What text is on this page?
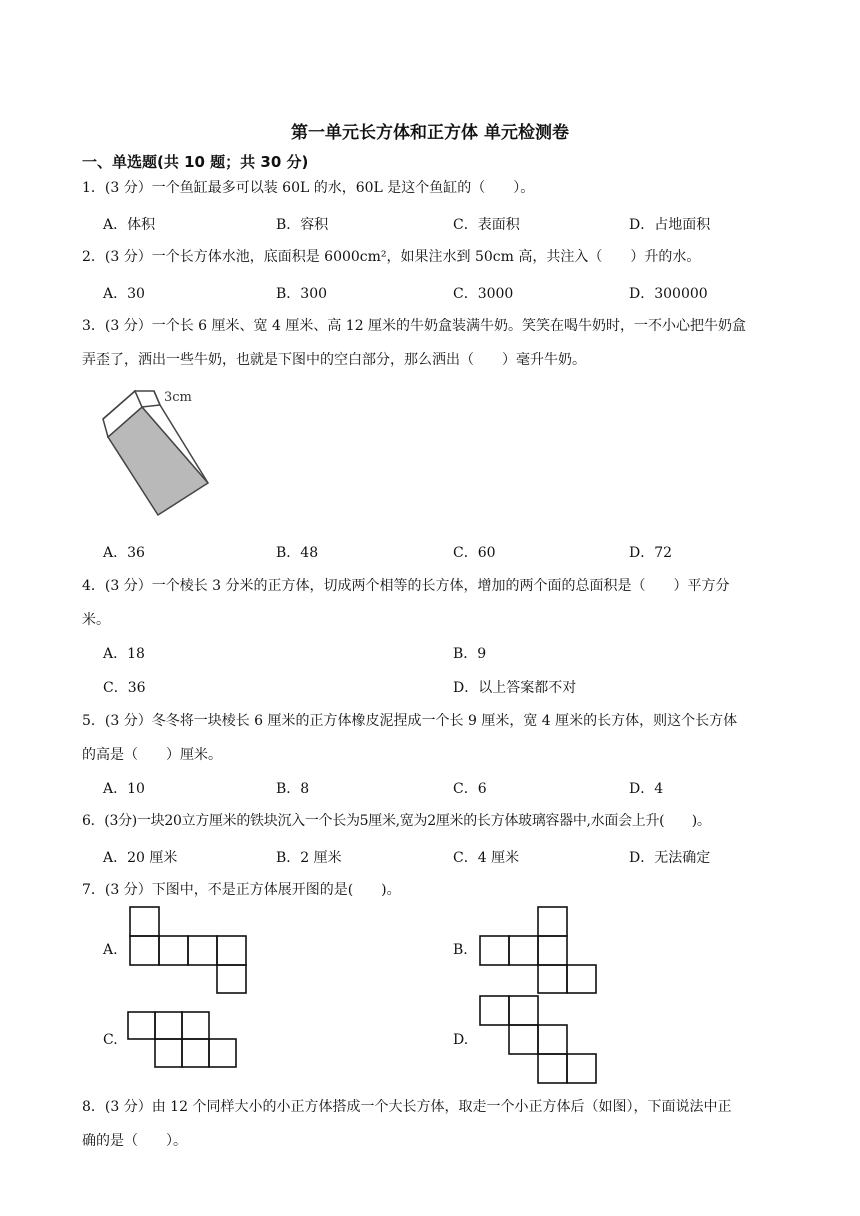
第一单元长方体和正方体 单元检测卷
一、单选题(共 10 题；共 30 分)
1．(3 分）一个鱼缸最多可以装 60L 的水，60L 是这个鱼缸的（　　）。
A．体积	B．容积	C．表面积	D．占地面积
2．(3 分）一个长方体水池，底面积是 6000cm²，如果注水到 50cm 高，共注入（　　）升的水。
A．30	B．300	C．3000	D．300000
3．(3 分）一个长 6 厘米、宽 4 厘米、高 12 厘米的牛奶盒装满牛奶。笑笑在喝牛奶时，一不小心把牛奶盒
弄歪了，洒出一些牛奶，也就是下图中的空白部分，那么洒出（　　）毫升牛奶。
3cm
A．36	B．48	C．60	D．72
4．(3 分）一个棱长 3 分米的正方体，切成两个相等的长方体，增加的两个面的总面积是（　　）平方分
米。
A．18	B．9
C．36	D．以上答案都不对
5．(3 分）冬冬将一块棱长 6 厘米的正方体橡皮泥捏成一个长 9 厘米，宽 4 厘米的长方体，则这个长方体
的高是（　　）厘米。
A．10	B．8	C．6	D．4
6．(3分)一块20立方厘米的铁块沉入一个长为5厘米,宽为2厘米的长方体玻璃容器中,水面会上升(　　)。
A．20 厘米	B．2 厘米	C．4 厘米	D．无法确定
7．(3 分）下图中，不是正方体展开图的是(　　)。
A.	B.
C.	D.
8．(3 分）由 12 个同样大小的小正方体搭成一个大长方体，取走一个小正方体后（如图），下面说法中正
确的是（　　）。
